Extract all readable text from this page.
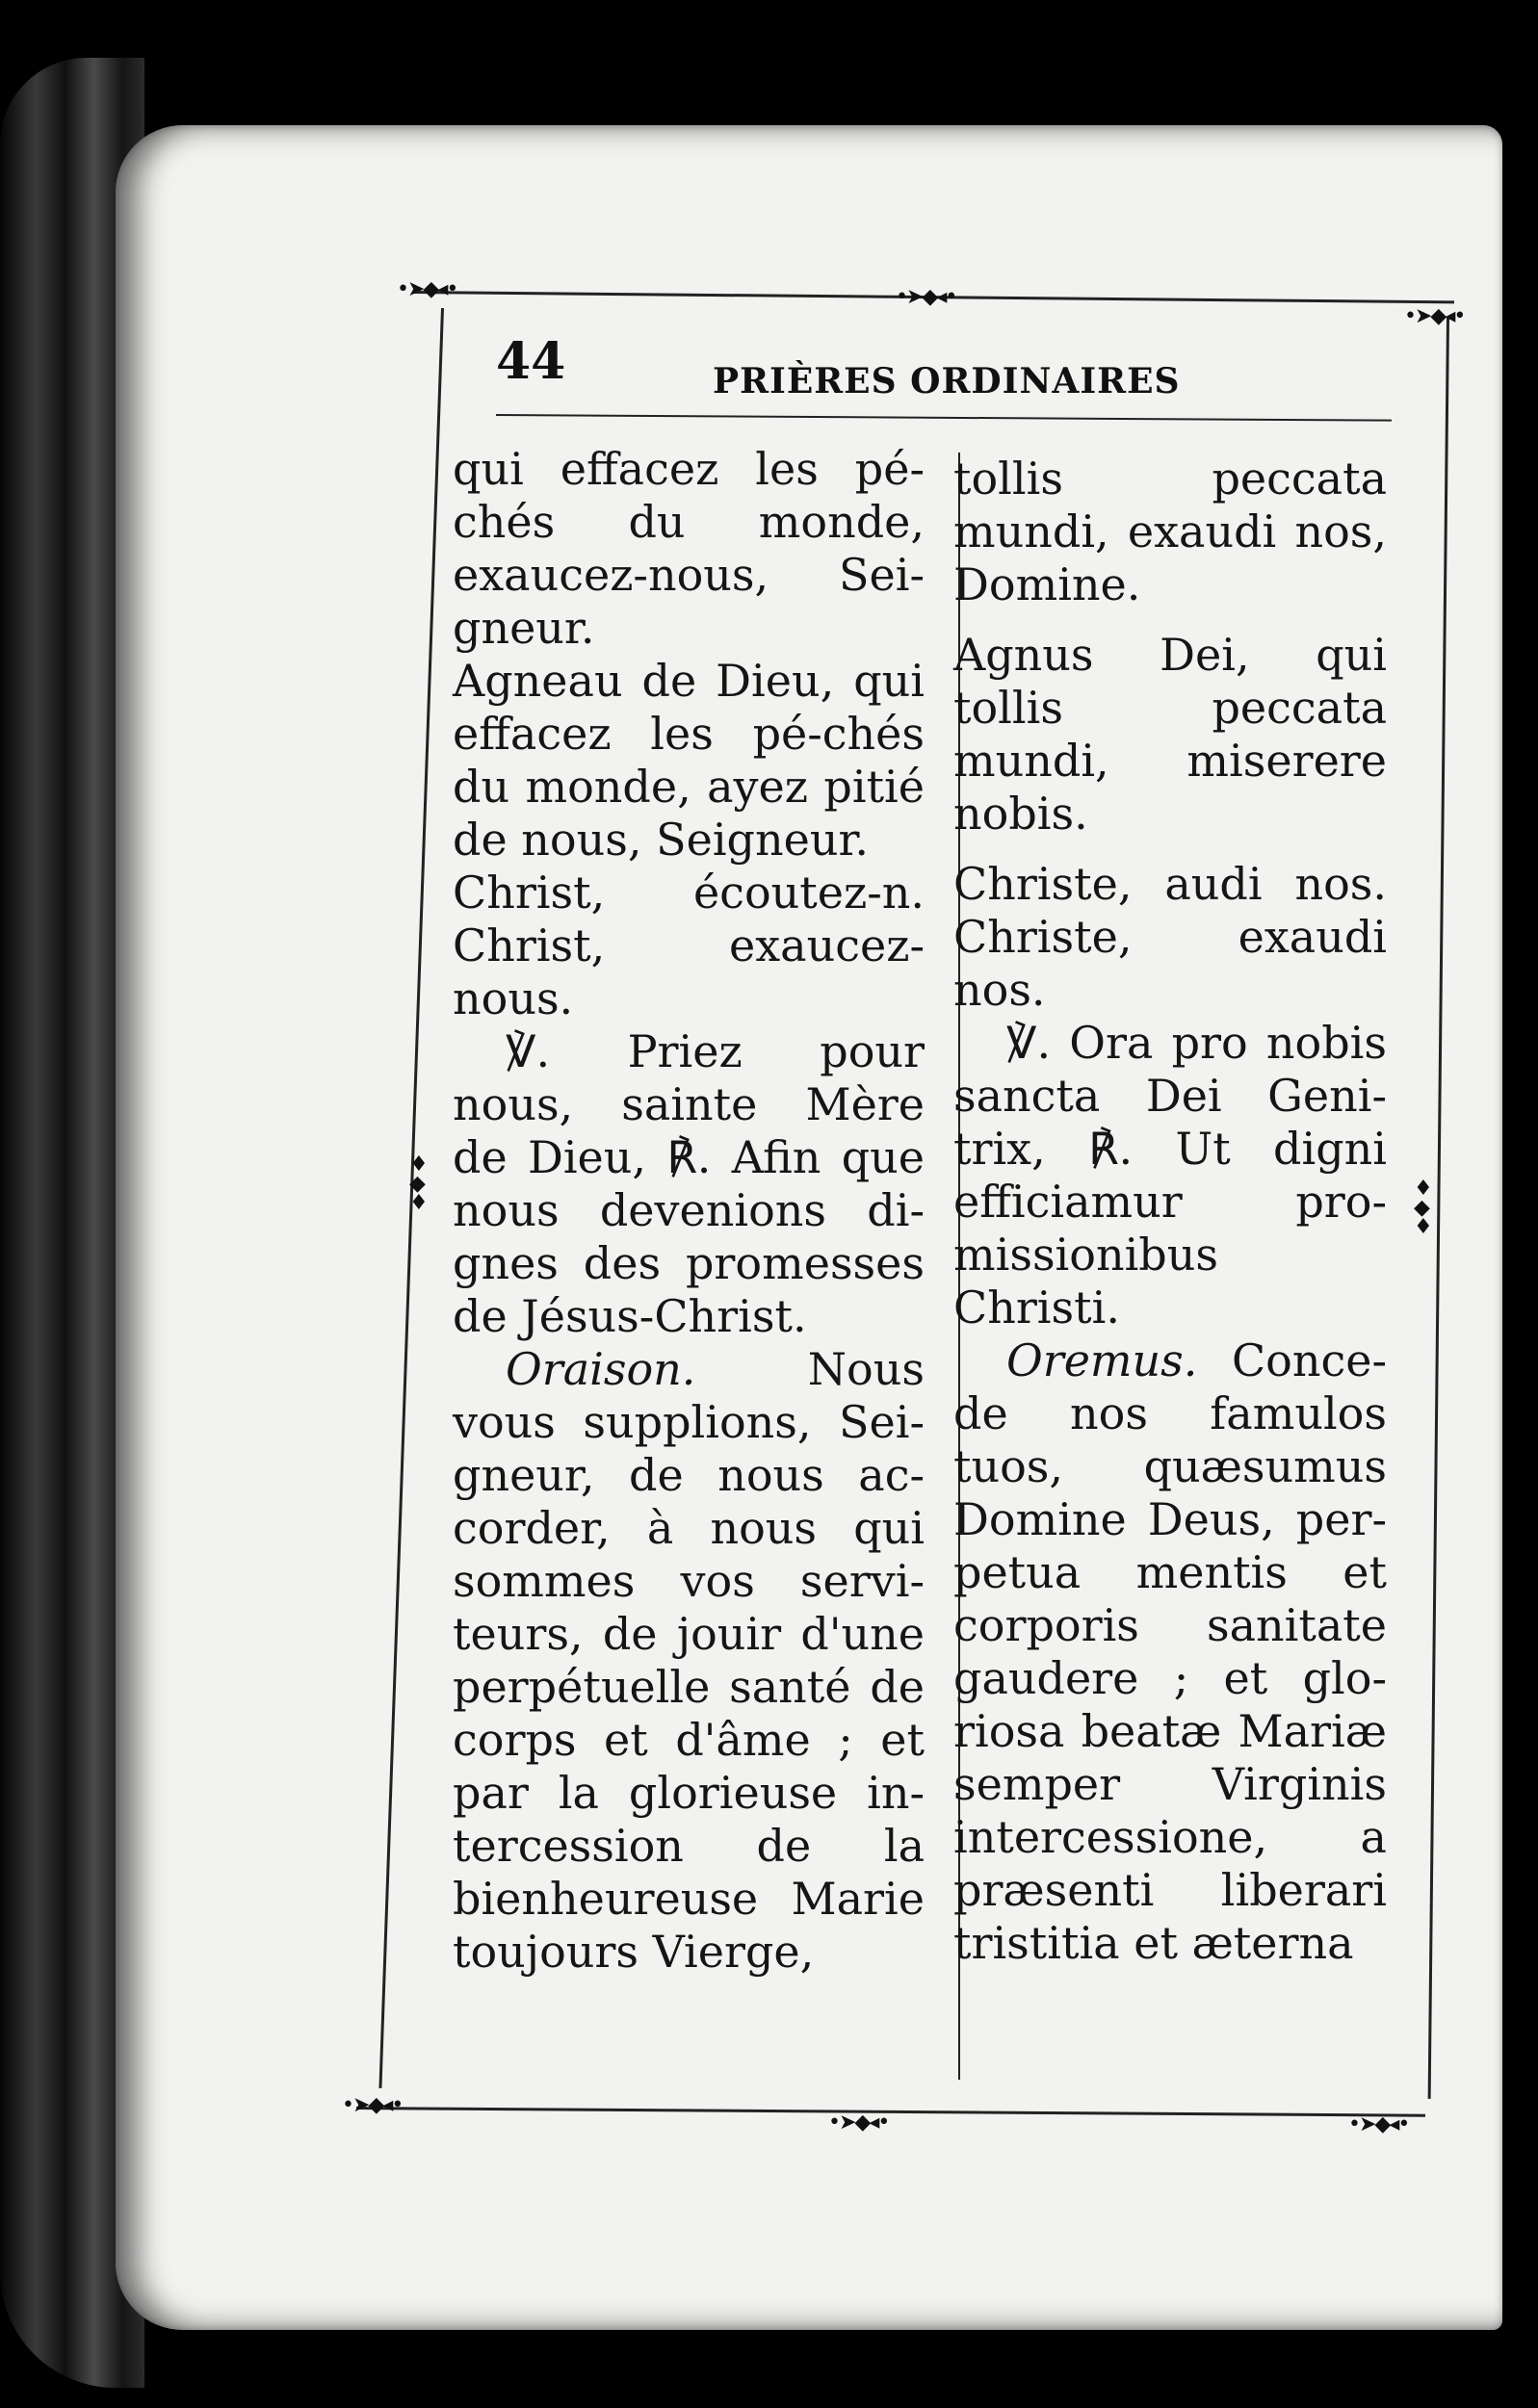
•➤◆◂•	•➤◆◂•
•➤◆◂•
•➤◆◂•
•➤◆◂•	•➤◆◂•
♦
◆
♦
♦
◆
♦
44	PRIÈRES ORDINAIRES
qui effacez les pé-chés du monde, exaucez-nous, Sei-gneur.
Agneau de Dieu, qui effacez les pé-chés du monde, ayez pitié de nous, Seigneur.
Christ, écoutez-n. Christ, exaucez-nous.
℣. Priez pour nous, sainte Mère de Dieu, ℟. Afin que nous devenions di-gnes des promesses de Jésus-Christ.
Oraison. Nous vous supplions, Sei-gneur, de nous ac-corder, à nous qui sommes vos servi-teurs, de jouir d'une perpétuelle santé de corps et d'âme ; et par la glorieuse in-tercession de la bienheureuse Marie toujours Vierge,
tollis peccata mundi, exaudi nos, Domine.
Agnus Dei, qui tollis peccata mundi, miserere nobis.
Christe, audi nos. Christe, exaudi nos.
℣. Ora pro nobis sancta Dei Geni-trix, ℟. Ut digni efficiamur pro-missionibus Christi.
Oremus. Conce-de nos famulos tuos, quæsumus Domine Deus, per-petua mentis et corporis sanitate gaudere ; et glo-riosa beatæ Mariæ semper Virginis intercessione, a præsenti liberari tristitia et æterna
